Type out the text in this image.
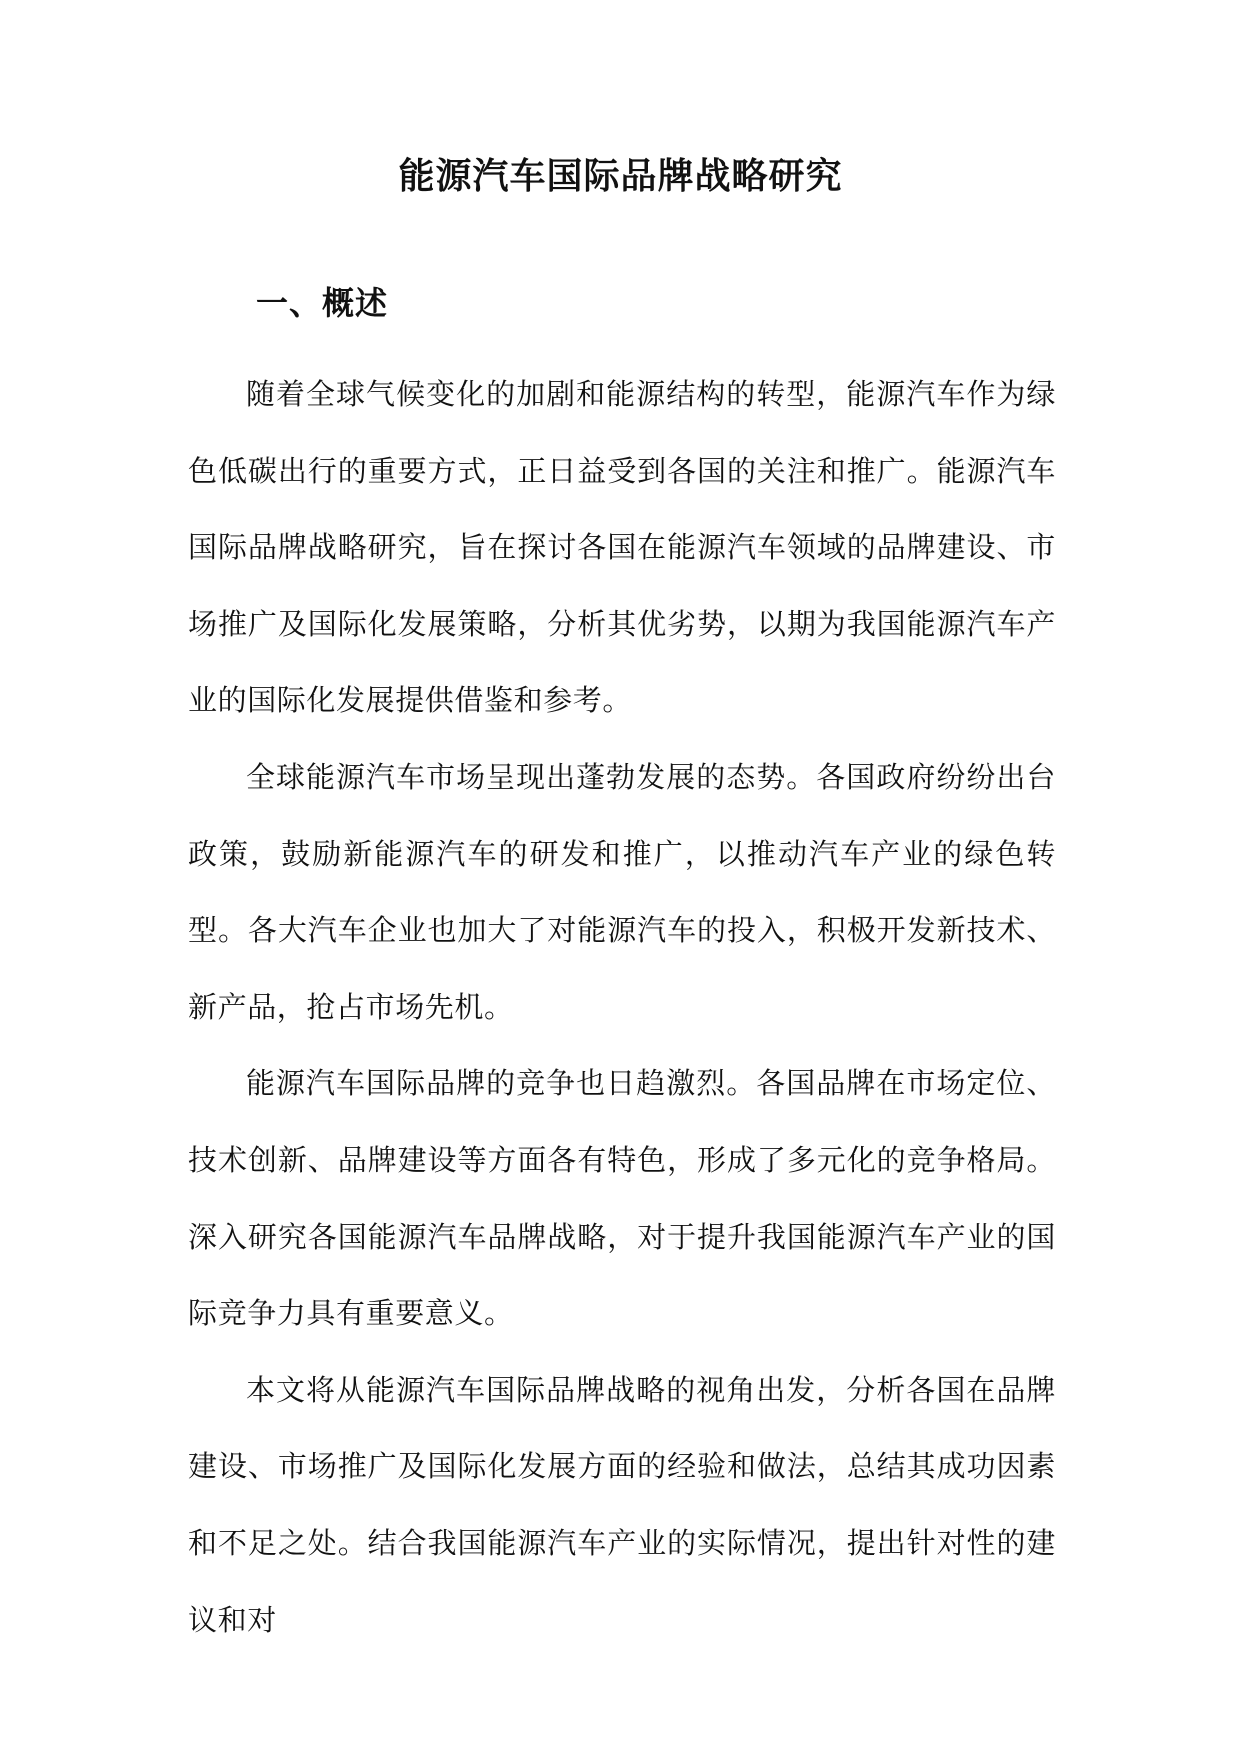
能源汽车国际品牌战略研究
一、概述

随着全球气候变化的加剧和能源结构的转型，能源汽车作为绿色低碳出行的重要方式，正日益受到各国的关注和推广。能源汽车国际品牌战略研究，旨在探讨各国在能源汽车领域的品牌建设、市场推广及国际化发展策略，分析其优劣势，以期为我国能源汽车产业的国际化发展提供借鉴和参考。

全球能源汽车市场呈现出蓬勃发展的态势。各国政府纷纷出台政策，鼓励新能源汽车的研发和推广，以推动汽车产业的绿色转型。各大汽车企业也加大了对能源汽车的投入，积极开发新技术、新产品，抢占市场先机。

能源汽车国际品牌的竞争也日趋激烈。各国品牌在市场定位、技术创新、品牌建设等方面各有特色，形成了多元化的竞争格局。深入研究各国能源汽车品牌战略，对于提升我国能源汽车产业的国际竞争力具有重要意义。

本文将从能源汽车国际品牌战略的视角出发，分析各国在品牌建设、市场推广及国际化发展方面的经验和做法，总结其成功因素和不足之处。结合我国能源汽车产业的实际情况，提出针对性的建议和对
